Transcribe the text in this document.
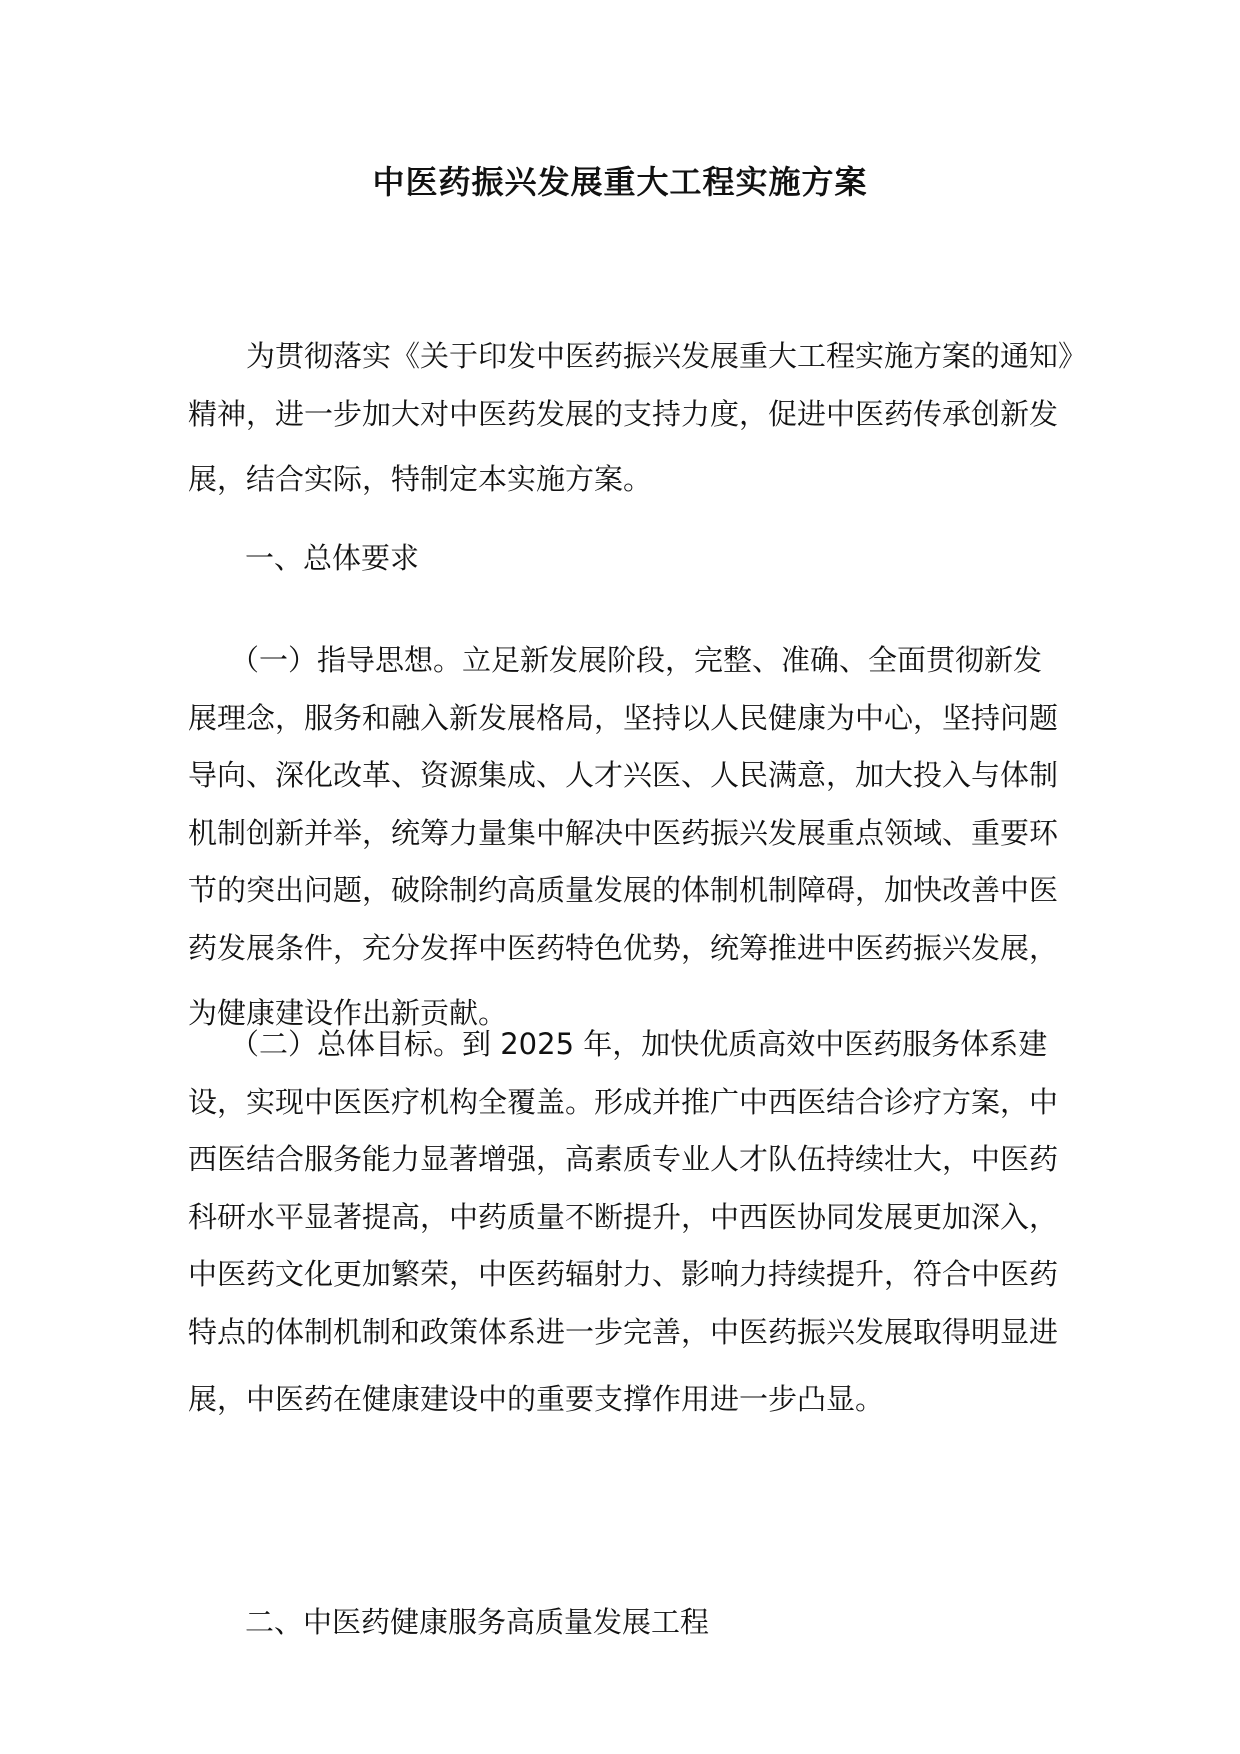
中医药振兴发展重大工程实施方案

为贯彻落实《关于印发中医药振兴发展重大工程实施方案的通知》
精神，进一步加大对中医药发展的支持力度，促进中医药传承创新发
展，结合实际，特制定本实施方案。

一、总体要求

（一）指导思想。立足新发展阶段，完整、准确、全面贯彻新发
展理念，服务和融入新发展格局，坚持以人民健康为中心，坚持问题
导向、深化改革、资源集成、人才兴医、人民满意，加大投入与体制
机制创新并举，统筹力量集中解决中医药振兴发展重点领域、重要环
节的突出问题，破除制约高质量发展的体制机制障碍，加快改善中医
药发展条件，充分发挥中医药特色优势，统筹推进中医药振兴发展，
为健康建设作出新贡献。

（二）总体目标。到 2025 年，加快优质高效中医药服务体系建
设，实现中医医疗机构全覆盖。形成并推广中西医结合诊疗方案，中
西医结合服务能力显著增强，高素质专业人才队伍持续壮大，中医药
科研水平显著提高，中药质量不断提升，中西医协同发展更加深入，
中医药文化更加繁荣，中医药辐射力、影响力持续提升，符合中医药
特点的体制机制和政策体系进一步完善，中医药振兴发展取得明显进
展，中医药在健康建设中的重要支撑作用进一步凸显。

二、中医药健康服务高质量发展工程
